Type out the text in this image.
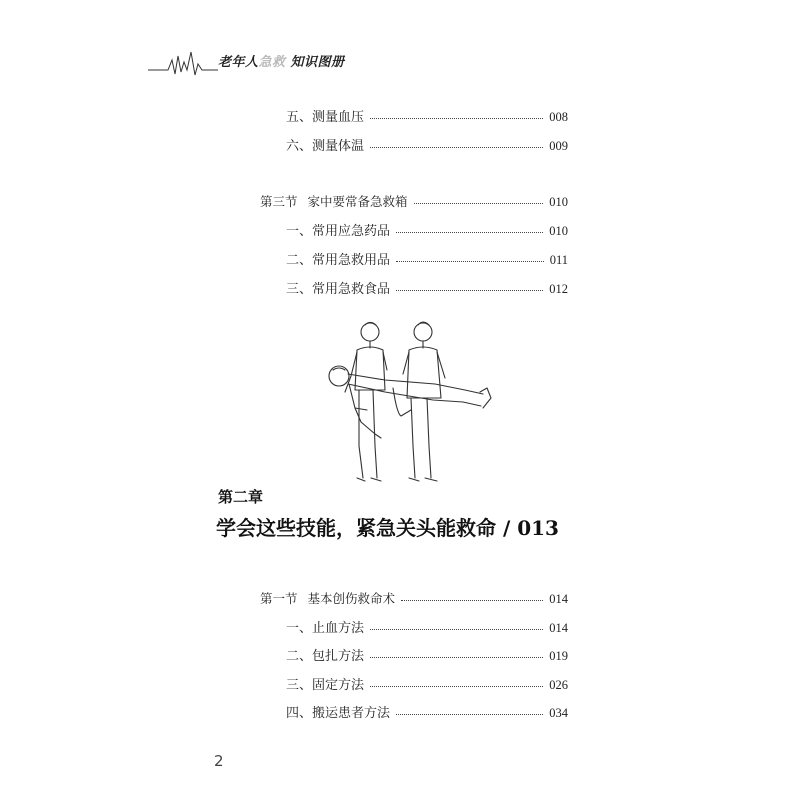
老年人急救 知识图册
五、测量血压	008
六、测量体温	009
第三节 家中要常备急救箱	010
一、常用应急药品	010
二、常用急救用品	011
三、常用急救食品	012
第二章
学会这些技能，紧急关头能救命 / 013
第一节 基本创伤救命术	014
一、止血方法	014
二、包扎方法	019
三、固定方法	026
四、搬运患者方法	034
2
